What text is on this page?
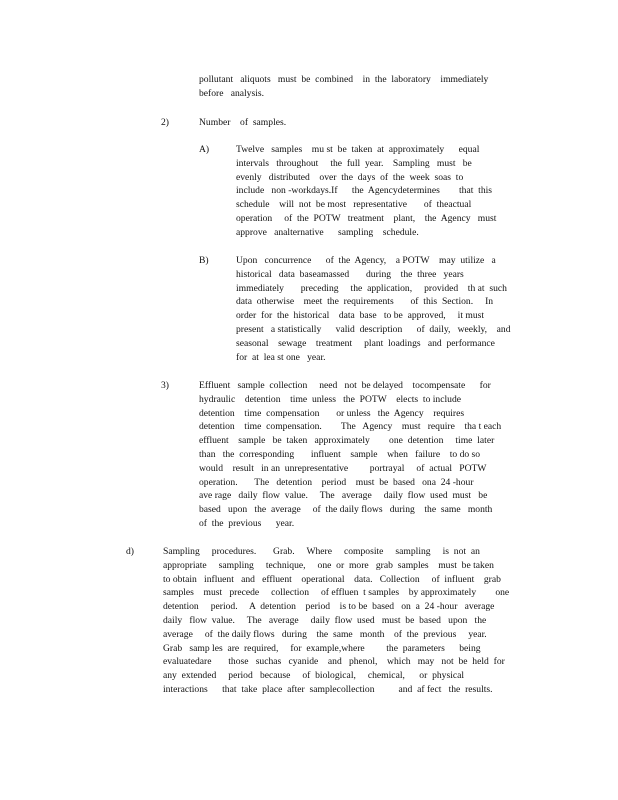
pollutant   aliquots   must  be  combined    in  the  laboratory    immediately
before   analysis.
2)	Number    of  samples.
A)	Twelve   samples    mu st  be  taken  at  approximately      equal
intervals   throughout     the  full  year.    Sampling   must   be
evenly   distributed    over  the  days  of  the  week  soas  to
include   non -workdays.If      the  Agencydetermines        that  this
schedule    will  not  be most   representative       of  theactual
operation     of  the  POTW   treatment    plant,    the  Agency   must
approve   analternative      sampling    schedule.
B)	Upon   concurrence      of  the  Agency,    a POTW    may  utilize   a
historical   data  baseamassed       during    the  three   years
immediately       preceding     the  application,     provided    th at  such
data  otherwise    meet  the  requirements       of  this  Section.     In
order  for  the  historical    data  base   to be  approved,     it must
present   a statistically      valid  description      of  daily,   weekly,    and
seasonal    sewage    treatment     plant  loadings   and  performance
for  at  lea st one   year.
3)	Effluent   sample  collection     need   not  be delayed    tocompensate      for
hydraulic    detention    time  unless   the  POTW    elects  to include
detention    time  compensation       or unless   the  Agency    requires
detention    time  compensation.        The   Agency    must   require    tha t each
effluent    sample   be  taken   approximately        one  detention     time  later
than   the  corresponding       influent    sample    when   failure    to do so
would    result   in an  unrepresentative         portrayal     of  actual   POTW
operation.       The   detention    period    must  be  based   ona  24 -hour
ave rage   daily  flow  value.     The   average     daily  flow  used  must   be
based   upon   the  average     of  the daily flows   during    the  same   month
of  the  previous      year.
d)	Sampling     procedures.       Grab.     Where     composite     sampling     is  not  an
appropriate     sampling     technique,     one  or  more   grab  samples    must  be taken
to obtain   influent   and   effluent    operational    data.   Collection     of  influent    grab
samples    must   precede     collection     of effluen  t samples    by approximately        one
detention     period.     A  detention    period    is to be  based   on  a  24 -hour   average
daily   flow  value.     The   average     daily  flow  used   must  be  based   upon   the
average     of  the daily flows   during    the  same   month    of  the  previous     year.
Grab   samp les  are  required,     for  example,where         the  parameters      being
evaluatedare       those   suchas   cyanide    and   phenol,    which   may   not  be  held  for
any  extended     period   because     of  biological,     chemical,      or  physical
interactions      that  take  place  after  samplecollection          and  af fect   the  results.
